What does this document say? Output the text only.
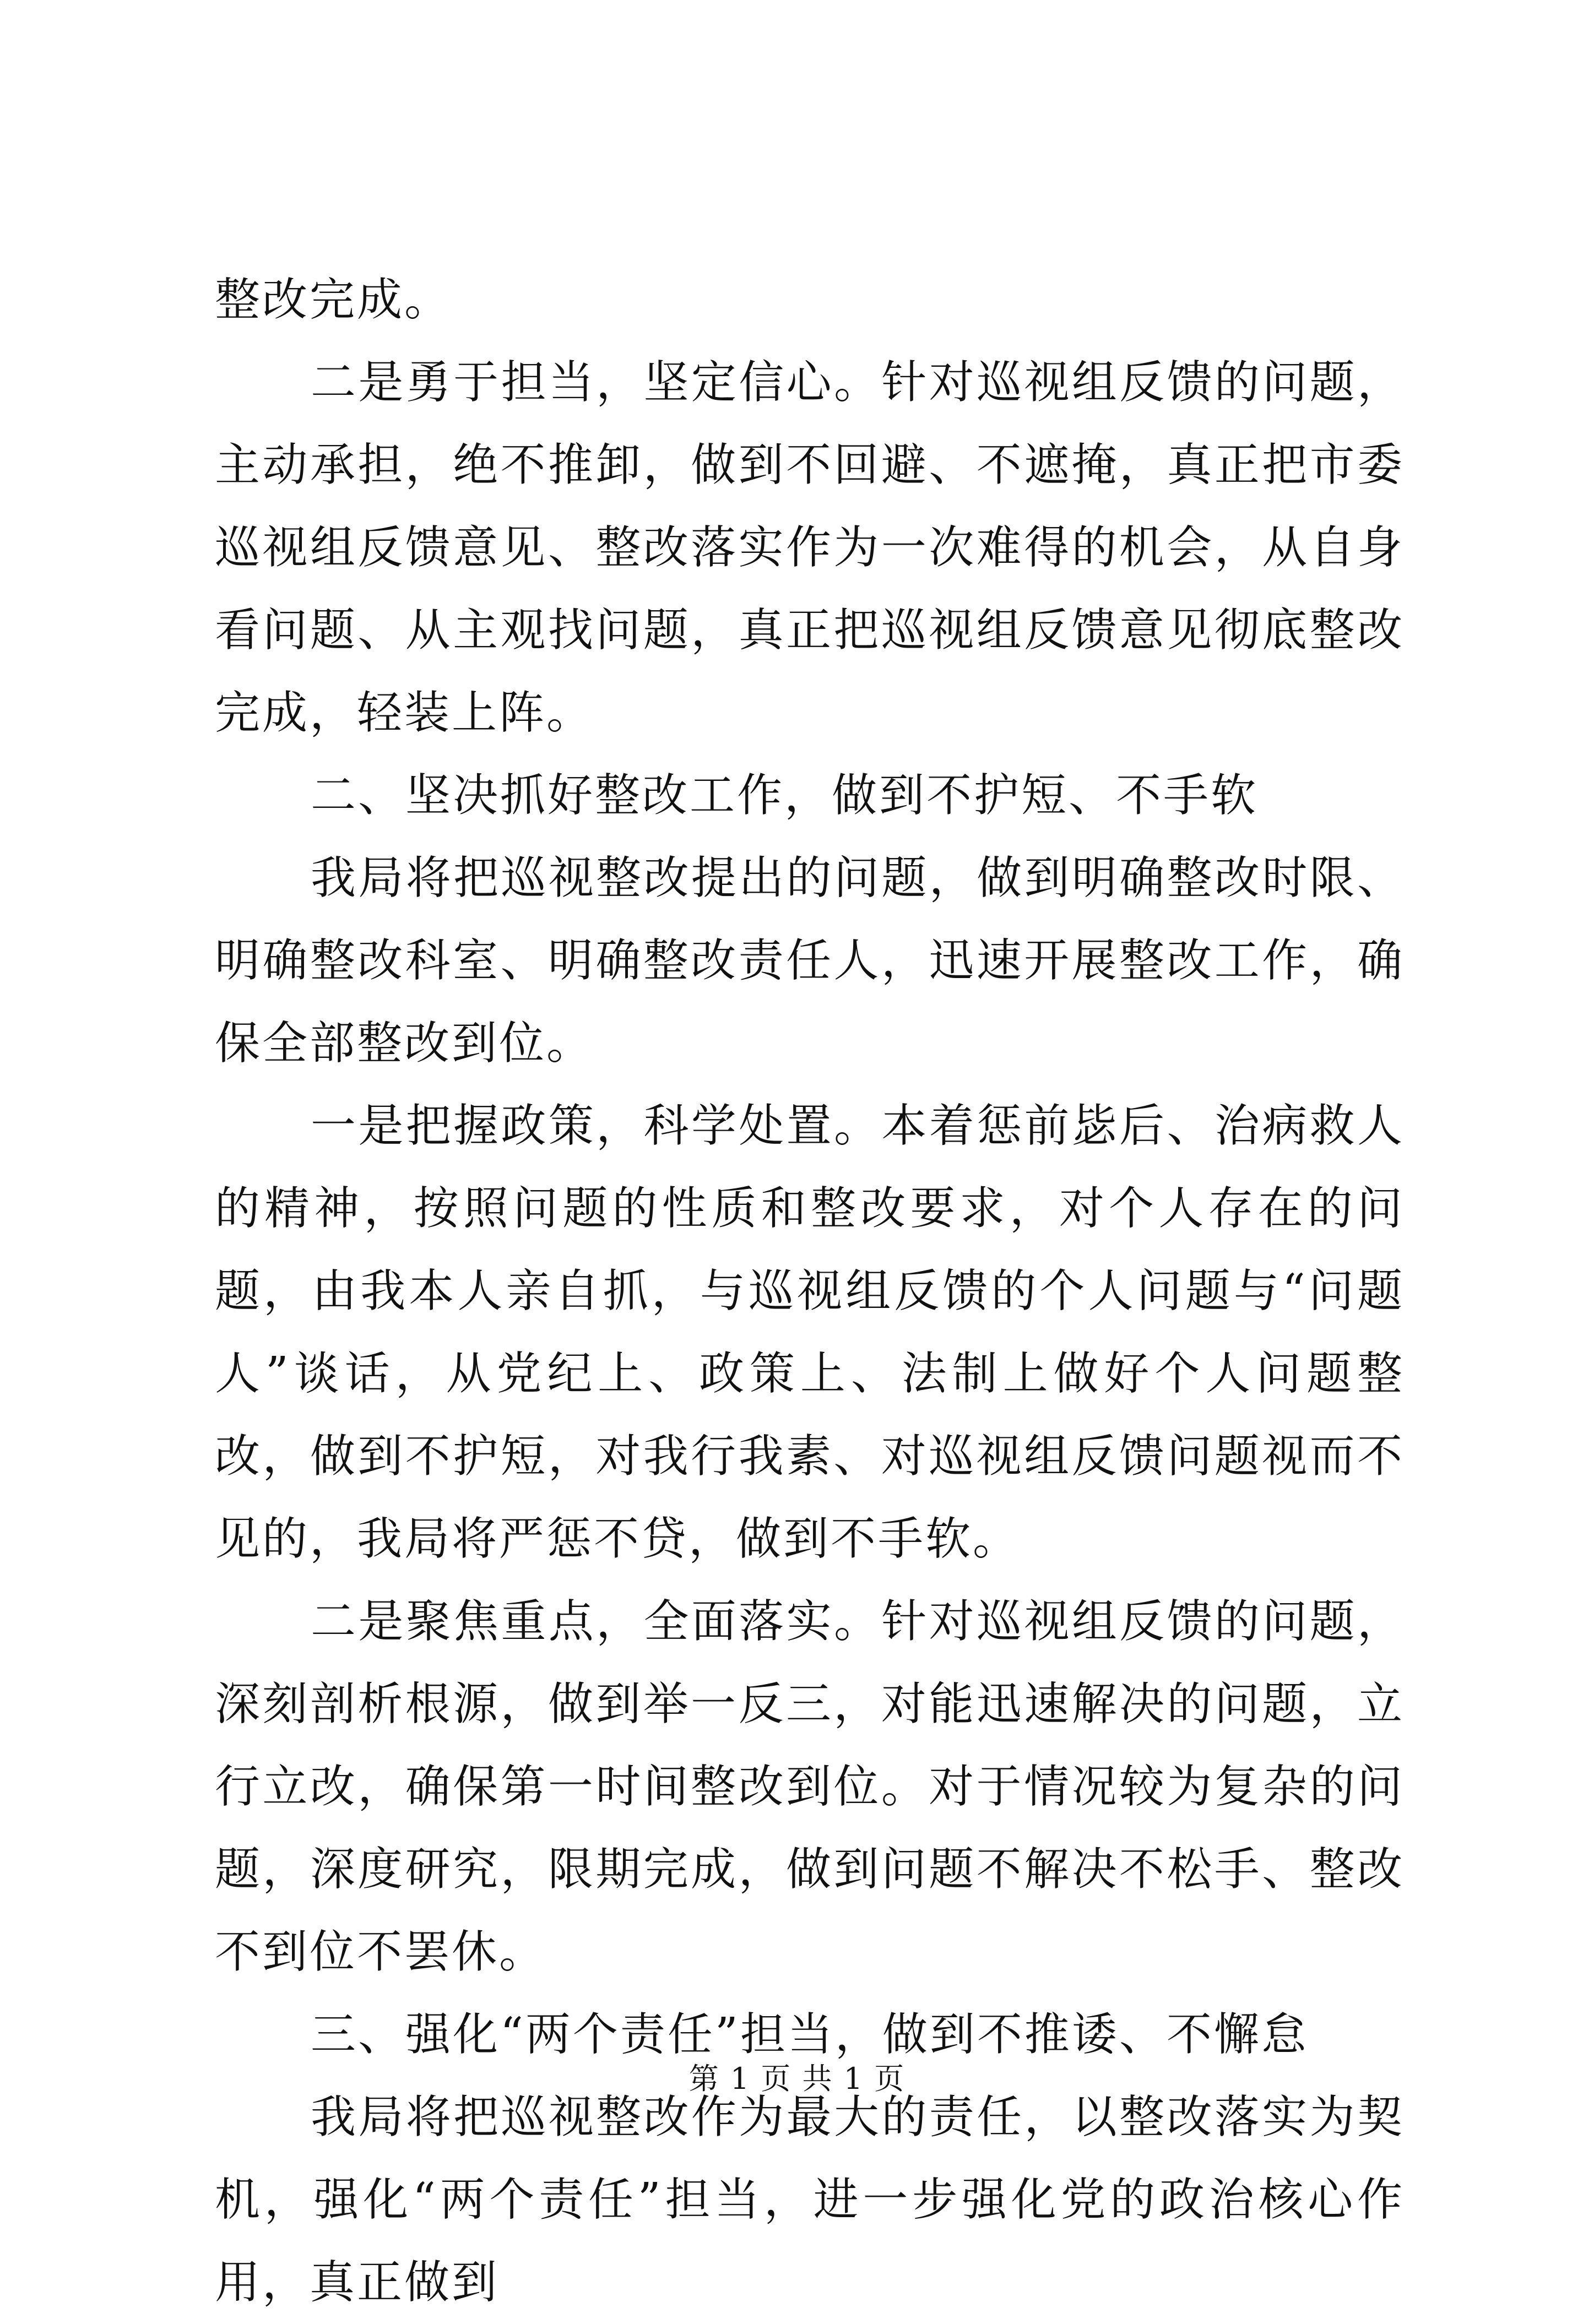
整改完成。

二是勇于担当，坚定信心。针对巡视组反馈的问题，主动承担，绝不推卸，做到不回避、不遮掩，真正把市委巡视组反馈意见、整改落实作为一次难得的机会，从自身看问题、从主观找问题，真正把巡视组反馈意见彻底整改完成，轻装上阵。

二、坚决抓好整改工作，做到不护短、不手软

我局将把巡视整改提出的问题，做到明确整改时限、明确整改科室、明确整改责任人，迅速开展整改工作，确保全部整改到位。

一是把握政策，科学处置。本着惩前毖后、治病救人的精神，按照问题的性质和整改要求，对个人存在的问题，由我本人亲自抓，与巡视组反馈的个人问题与“问题人”谈话，从党纪上、政策上、法制上做好个人问题整改，做到不护短，对我行我素、对巡视组反馈问题视而不见的，我局将严惩不贷，做到不手软。

二是聚焦重点，全面落实。针对巡视组反馈的问题，深刻剖析根源，做到举一反三，对能迅速解决的问题，立行立改，确保第一时间整改到位。对于情况较为复杂的问题，深度研究，限期完成，做到问题不解决不松手、整改不到位不罢休。

三、强化“两个责任”担当，做到不推诿、不懈怠

我局将把巡视整改作为最大的责任，以整改落实为契机，强化“两个责任”担当，进一步强化党的政治核心作用，真正做到

第 1 页 共 1 页
